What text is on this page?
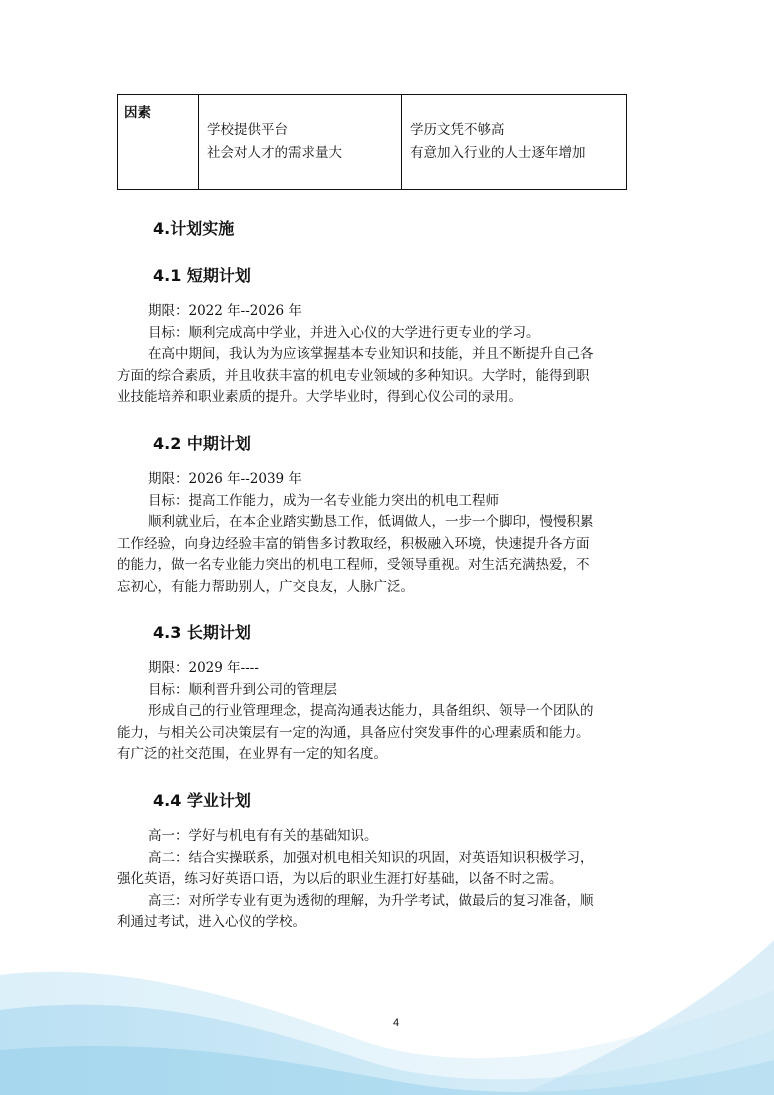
因素

学校提供平台
社会对人才的需求量大

学历文凭不够高
有意加入行业的人士逐年增加
4.计划实施
4.1 短期计划
期限：2022 年--2026 年
目标：顺利完成高中学业，并进入心仪的大学进行更专业的学习。
在高中期间，我认为为应该掌握基本专业知识和技能，并且不断提升自己各
方面的综合素质，并且收获丰富的机电专业领域的多种知识。大学时，能得到职
业技能培养和职业素质的提升。大学毕业时，得到心仪公司的录用。
4.2 中期计划
期限：2026 年--2039 年
目标：提高工作能力，成为一名专业能力突出的机电工程师
顺利就业后，在本企业踏实勤恳工作，低调做人，一步一个脚印，慢慢积累
工作经验，向身边经验丰富的销售多讨教取经，积极融入环境，快速提升各方面
的能力，做一名专业能力突出的机电工程师，受领导重视。对生活充满热爱，不
忘初心，有能力帮助别人，广交良友，人脉广泛。
4.3 长期计划
期限：2029 年----
目标：顺利晋升到公司的管理层
形成自己的行业管理理念，提高沟通表达能力，具备组织、领导一个团队的
能力，与相关公司决策层有一定的沟通，具备应付突发事件的心理素质和能力。
有广泛的社交范围，在业界有一定的知名度。
4.4 学业计划
高一：学好与机电有有关的基础知识。
高二：结合实操联系，加强对机电相关知识的巩固，对英语知识积极学习，
强化英语，练习好英语口语，为以后的职业生涯打好基础，以备不时之需。
高三：对所学专业有更为透彻的理解，为升学考试，做最后的复习准备，顺
利通过考试，进入心仪的学校。
4
